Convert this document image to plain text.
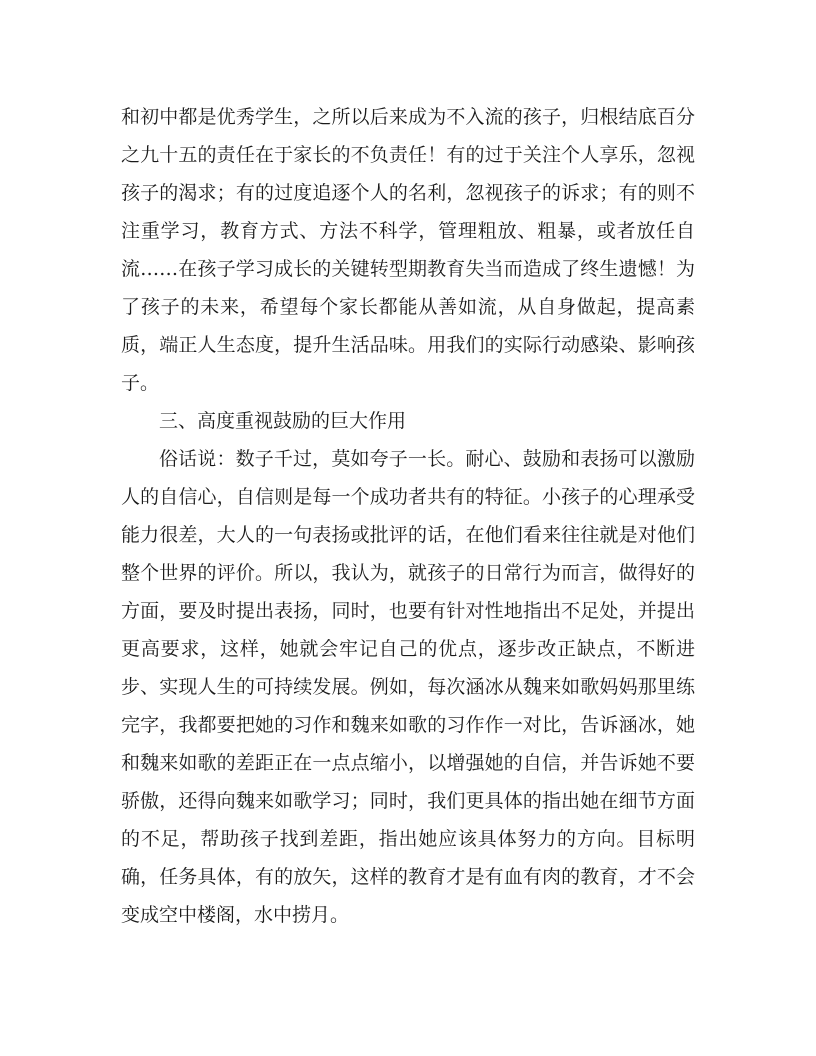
和初中都是优秀学生，之所以后来成为不入流的孩子，归根结底百分之九十五的责任在于家长的不负责任！有的过于关注个人享乐，忽视孩子的渴求；有的过度追逐个人的名利，忽视孩子的诉求；有的则不注重学习，教育方式、方法不科学，管理粗放、粗暴，或者放任自流……在孩子学习成长的关键转型期教育失当而造成了终生遗憾！为了孩子的未来，希望每个家长都能从善如流，从自身做起，提高素质，端正人生态度，提升生活品味。用我们的实际行动感染、影响孩子。

三、高度重视鼓励的巨大作用

俗话说：数子千过，莫如夸子一长。耐心、鼓励和表扬可以激励人的自信心，自信则是每一个成功者共有的特征。小孩子的心理承受能力很差，大人的一句表扬或批评的话，在他们看来往往就是对他们整个世界的评价。所以，我认为，就孩子的日常行为而言，做得好的方面，要及时提出表扬，同时，也要有针对性地指出不足处，并提出更高要求，这样，她就会牢记自己的优点，逐步改正缺点，不断进步、实现人生的可持续发展。例如，每次涵冰从魏来如歌妈妈那里练完字，我都要把她的习作和魏来如歌的习作作一对比，告诉涵冰，她和魏来如歌的差距正在一点点缩小，以增强她的自信，并告诉她不要骄傲，还得向魏来如歌学习；同时，我们更具体的指出她在细节方面的不足，帮助孩子找到差距，指出她应该具体努力的方向。目标明确，任务具体，有的放矢，这样的教育才是有血有肉的教育，才不会变成空中楼阁，水中捞月。
